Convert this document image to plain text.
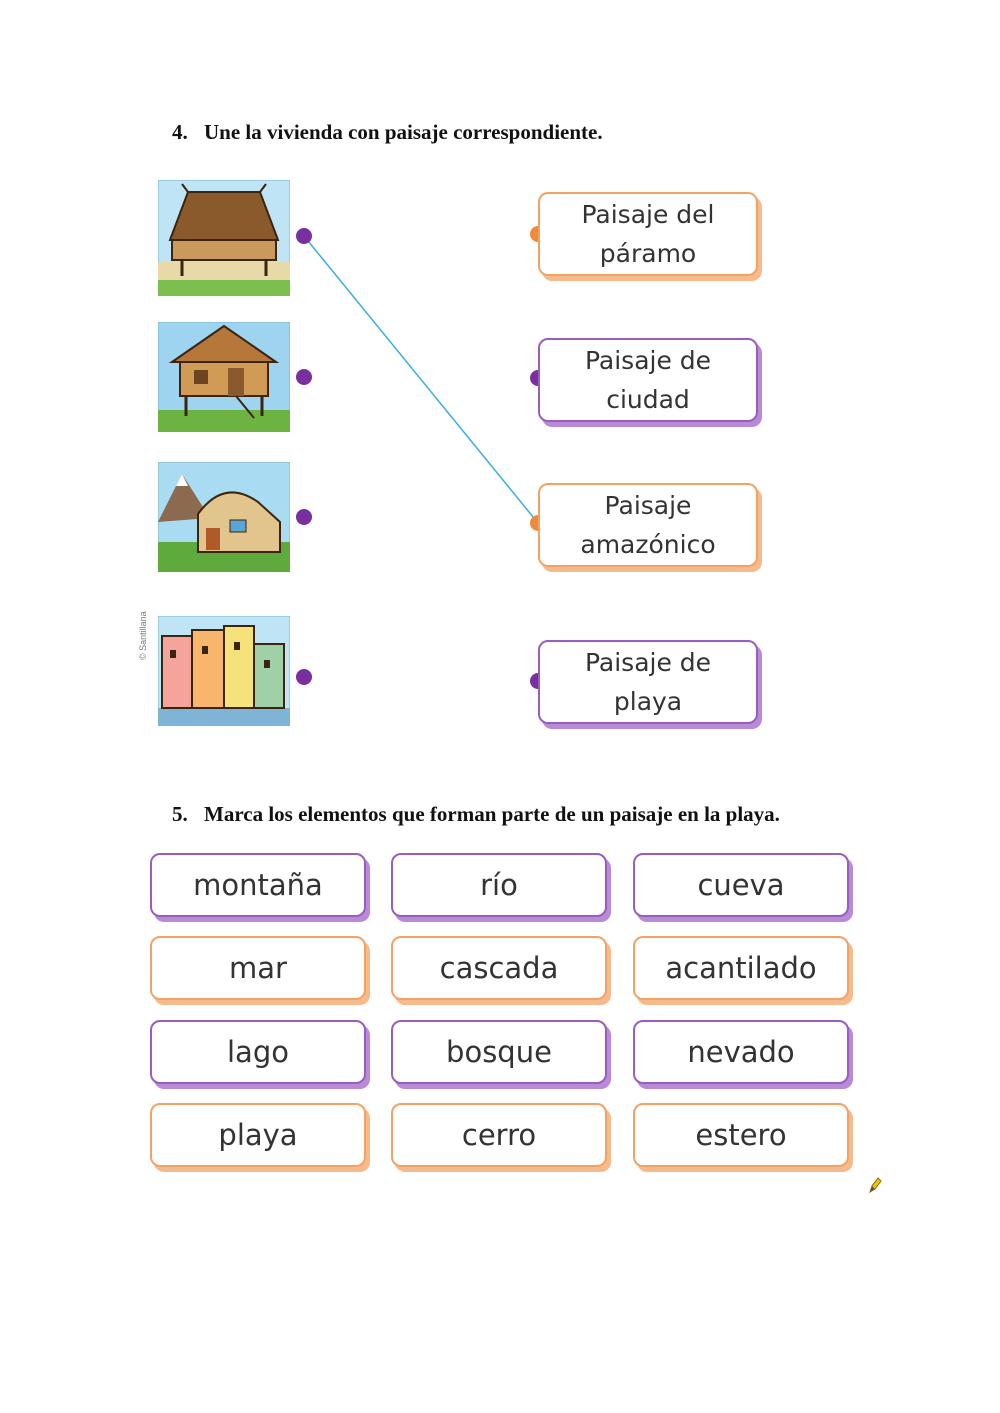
4. Une la vivienda con paisaje correspondiente.
© Santillana
Paisaje del páramo
Paisaje de ciudad
Paisaje amazónico
Paisaje de playa
5. Marca los elementos que forman parte de un paisaje en la playa.
montaña	río	cueva
mar	cascada	acantilado
lago	bosque	nevado
playa	cerro	estero
